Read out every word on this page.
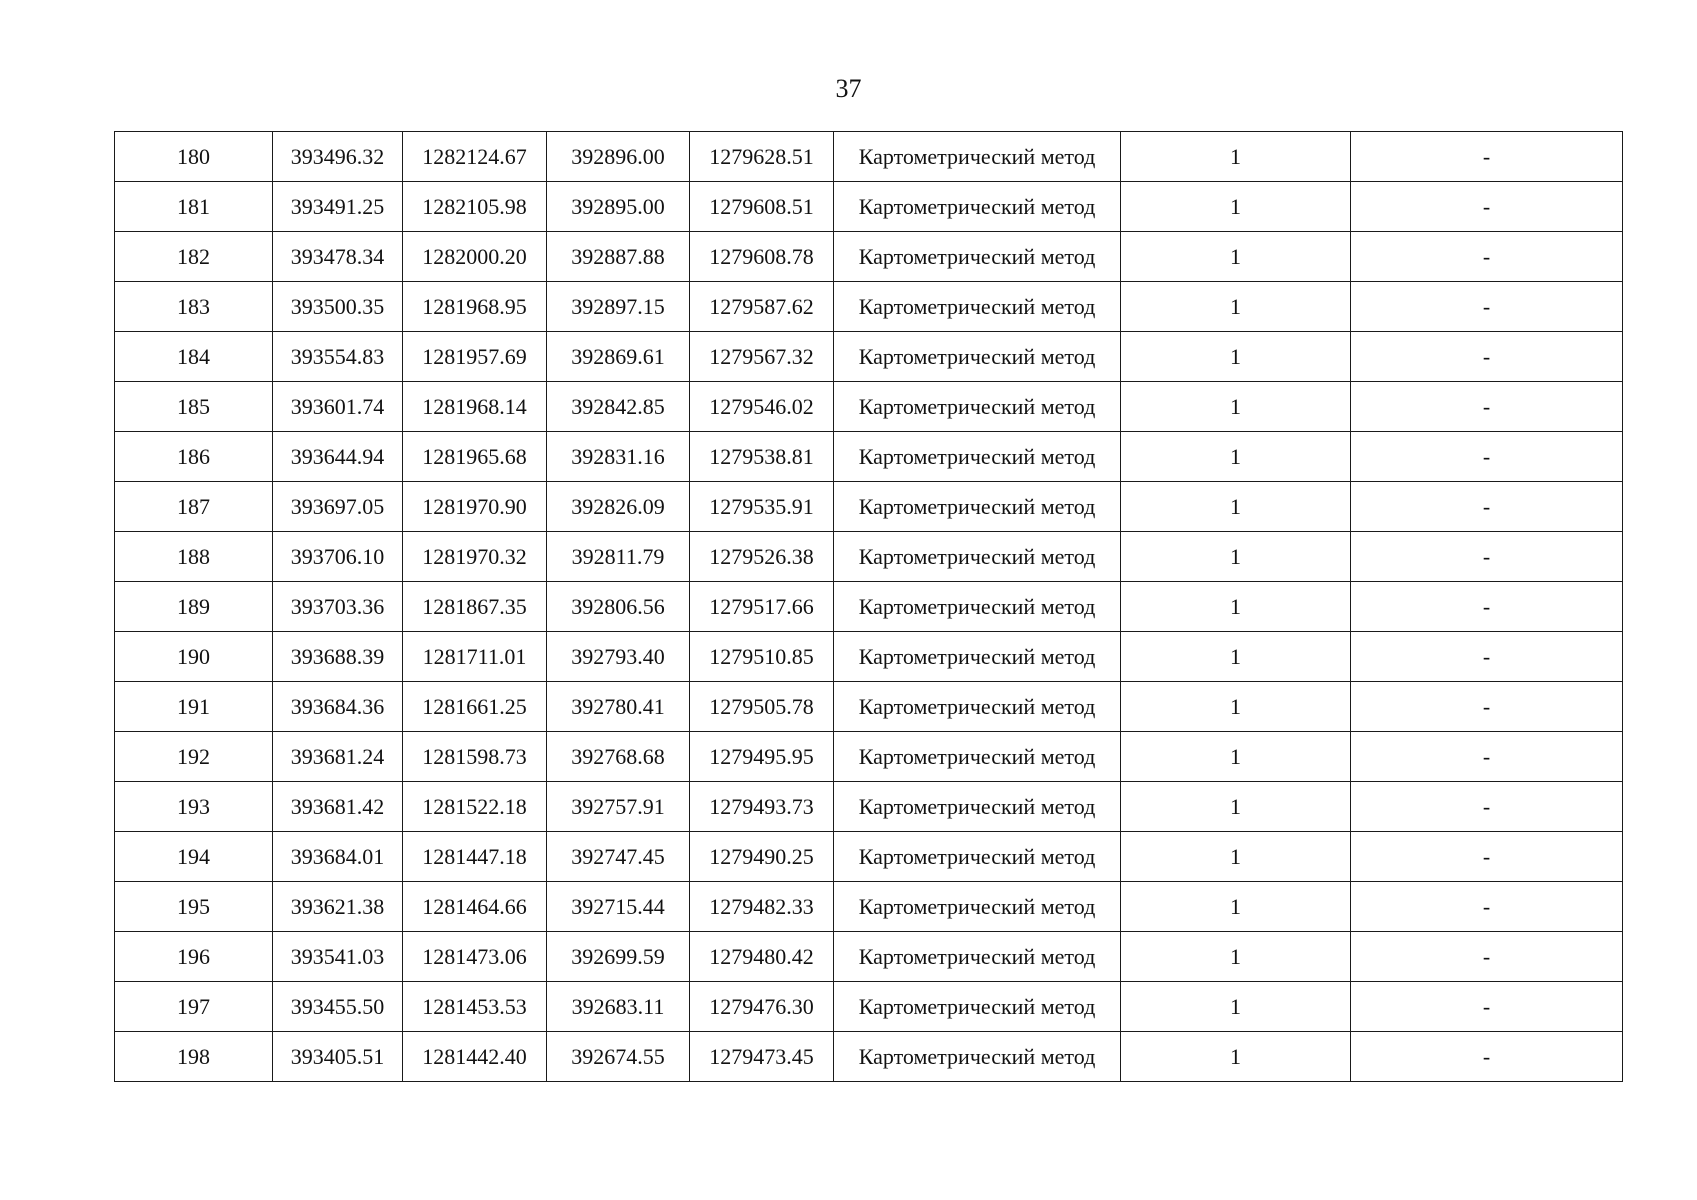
37
180	393496.32	1282124.67	392896.00	1279628.51	Картометрический метод	1	-
181	393491.25	1282105.98	392895.00	1279608.51	Картометрический метод	1	-
182	393478.34	1282000.20	392887.88	1279608.78	Картометрический метод	1	-
183	393500.35	1281968.95	392897.15	1279587.62	Картометрический метод	1	-
184	393554.83	1281957.69	392869.61	1279567.32	Картометрический метод	1	-
185	393601.74	1281968.14	392842.85	1279546.02	Картометрический метод	1	-
186	393644.94	1281965.68	392831.16	1279538.81	Картометрический метод	1	-
187	393697.05	1281970.90	392826.09	1279535.91	Картометрический метод	1	-
188	393706.10	1281970.32	392811.79	1279526.38	Картометрический метод	1	-
189	393703.36	1281867.35	392806.56	1279517.66	Картометрический метод	1	-
190	393688.39	1281711.01	392793.40	1279510.85	Картометрический метод	1	-
191	393684.36	1281661.25	392780.41	1279505.78	Картометрический метод	1	-
192	393681.24	1281598.73	392768.68	1279495.95	Картометрический метод	1	-
193	393681.42	1281522.18	392757.91	1279493.73	Картометрический метод	1	-
194	393684.01	1281447.18	392747.45	1279490.25	Картометрический метод	1	-
195	393621.38	1281464.66	392715.44	1279482.33	Картометрический метод	1	-
196	393541.03	1281473.06	392699.59	1279480.42	Картометрический метод	1	-
197	393455.50	1281453.53	392683.11	1279476.30	Картометрический метод	1	-
198	393405.51	1281442.40	392674.55	1279473.45	Картометрический метод	1	-
